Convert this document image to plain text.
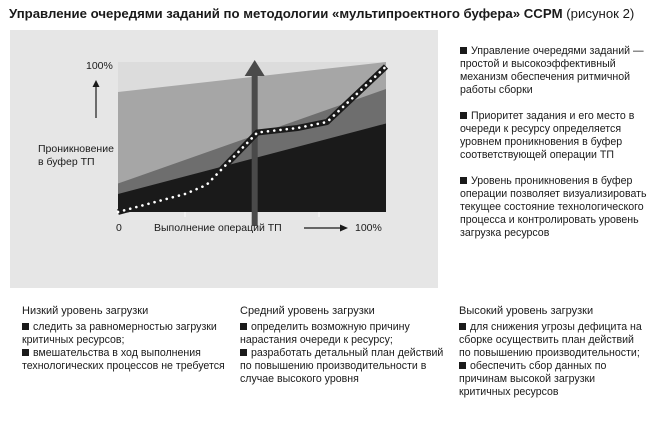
Управление очередями заданий по методологии «мультипроектного буфера» CCPM (рисунок 2)
100%
Проникновение
в буфер ТП
0	Выполнение операций ТП	100%
Управление очередями заданий — простой и высокоэффективный механизм обеспечения ритмичной работы сборки
Приоритет задания и его место в очереди к ресурсу определяется уровнем проникновения в буфер соответствующей операции ТП
Уровень проникновения в буфер операции позволяет визуализировать текущее состояние технологического процесса и контролировать уровень загрузка ресурсов
Низкий уровень загрузки

следить за равномерностью загрузки критичных ресурсов;

вмешательства в ход выполнения технологических процессов не требуется

Средний уровень загрузки

определить возможную причину нарастания очереди к ресурсу;

разработать детальный план действий по повышению производительности в случае высокого уровня

Высокий уровень загрузки

для снижения угрозы дефицита на сборке осуществить план действий по повышению производительности;

обеспечить сбор данных по причинам высокой загрузки критичных ресурсов
